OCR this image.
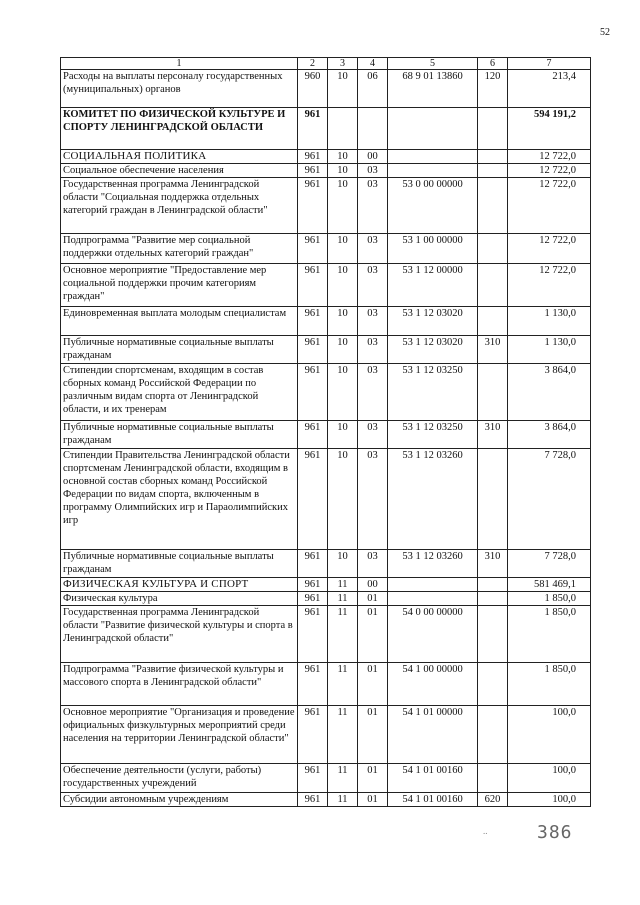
52
1	2	3	4	5	6	7
Расходы на выплаты персоналу государственных (муниципальных) органов	960	10	06	68 9 01 13860	120	213,4
КОМИТЕТ ПО ФИЗИЧЕСКОЙ КУЛЬТУРЕ И СПОРТУ ЛЕНИНГРАДСКОЙ ОБЛАСТИ	961					594 191,2
СОЦИАЛЬНАЯ ПОЛИТИКА	961	10	00			12 722,0
Социальное обеспечение населения	961	10	03			12 722,0
Государственная программа Ленинградской области "Социальная поддержка отдельных категорий граждан в Ленинградской области"	961	10	03	53 0 00 00000		12 722,0
Подпрограмма "Развитие мер социальной поддержки отдельных категорий граждан"	961	10	03	53 1 00 00000		12 722,0
Основное мероприятие "Предоставление мер социальной поддержки прочим категориям граждан"	961	10	03	53 1 12 00000		12 722,0
Единовременная выплата молодым специалистам	961	10	03	53 1 12 03020		1 130,0
Публичные нормативные социальные выплаты гражданам	961	10	03	53 1 12 03020	310	1 130,0
Стипендии спортсменам, входящим в состав сборных команд Российской Федерации по различным видам спорта от Ленинградской области, и их тренерам	961	10	03	53 1 12 03250		3 864,0
Публичные нормативные социальные выплаты гражданам	961	10	03	53 1 12 03250	310	3 864,0
Стипендии Правительства Ленинградской области спортсменам Ленинградской области, входящим в основной состав сборных команд Российской Федерации по видам спорта, включенным в программу Олимпийских игр и Параолимпийских игр	961	10	03	53 1 12 03260		7 728,0
Публичные нормативные социальные выплаты гражданам	961	10	03	53 1 12 03260	310	7 728,0
ФИЗИЧЕСКАЯ КУЛЬТУРА И СПОРТ	961	11	00			581 469,1
Физическая культура	961	11	01			1 850,0
Государственная программа Ленинградской области "Развитие физической культуры и спорта в Ленинградской области"	961	11	01	54 0 00 00000		1 850,0
Подпрограмма "Развитие физической культуры и массового спорта в Ленинградской области"	961	11	01	54 1 00 00000		1 850,0
Основное мероприятие "Организация и проведение официальных физкультурных мероприятий среди населения на территории Ленинградской области"	961	11	01	54 1 01 00000		100,0
Обеспечение деятельности (услуги, работы) государственных учреждений	961	11	01	54 1 01 00160		100,0
Субсидии автономным учреждениям	961	11	01	54 1 01 00160	620	100,0
..	386
